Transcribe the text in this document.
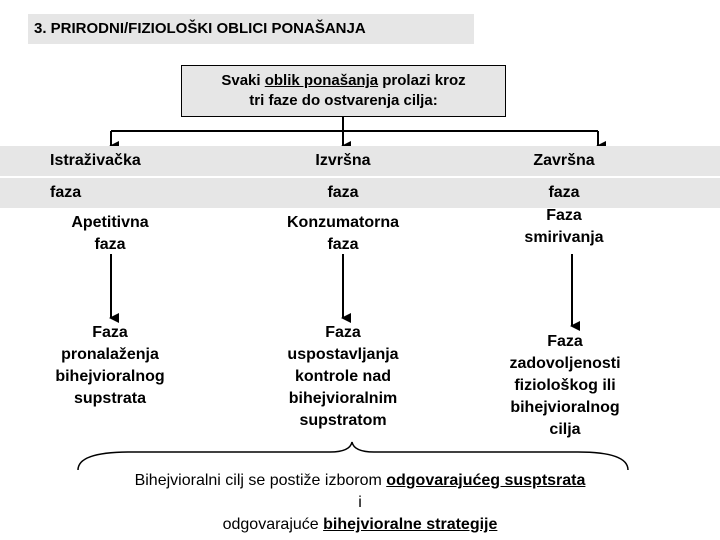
3. PRIRODNI/FIZIOLOŠKI OBLICI PONAŠANJA
Svaki oblik ponašanja prolazi kroz
tri faze do ostvarenja cilja:
Istraživačka	Izvršna	Završna
faza	faza	faza
Apetitivna
faza
Konzumatorna
faza
Faza
smirivanja
Faza
pronalaženja
bihejvioralnog
supstrata
Faza
uspostavljanja
kontrole nad
bihejvioralnim
supstratom
Faza
zadovoljenosti
fiziološkog ili
bihejvioralnog
cilja
Bihejvioralni cilj se postiže izborom odgovarajućeg susptsrata
i
odgovarajuće bihejvioralne strategije
